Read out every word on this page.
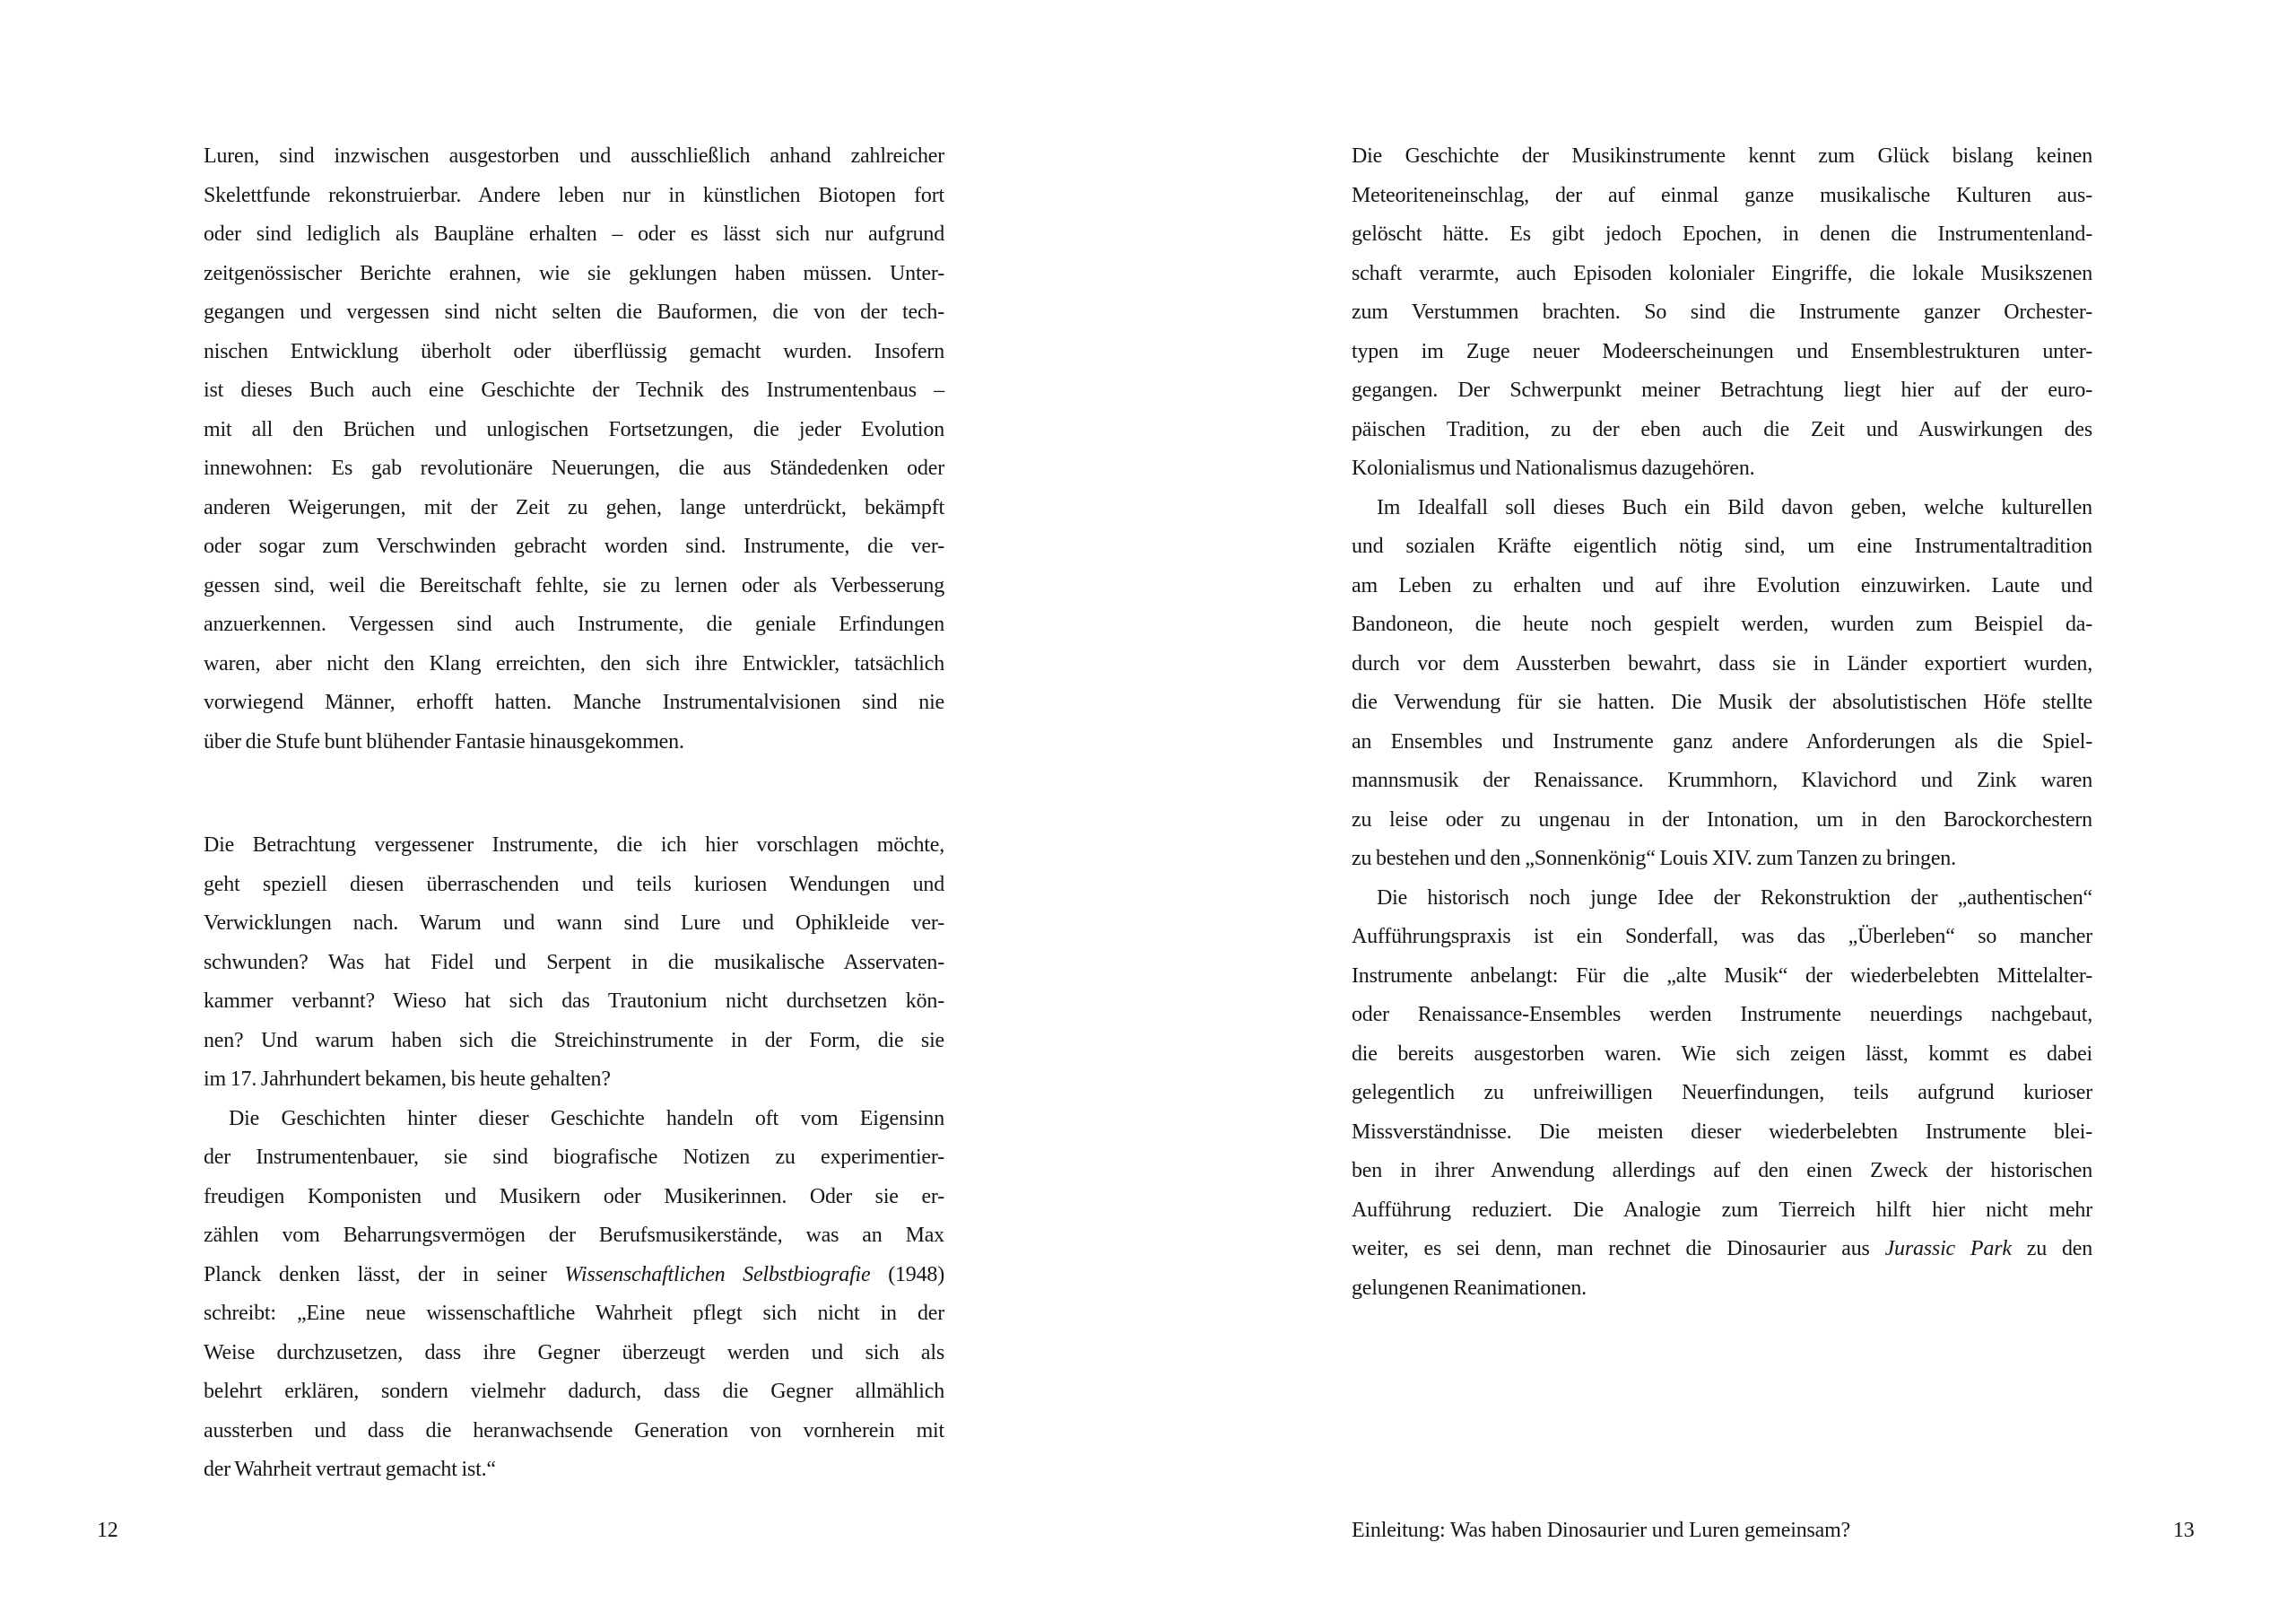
Luren, sind inzwischen ausgestorben und ausschließlich anhand zahlreicher
Skelettfunde rekonstruierbar. Andere leben nur in künstlichen Biotopen fort
oder sind lediglich als Baupläne erhalten – oder es lässt sich nur aufgrund
zeitgenössischer Berichte erahnen, wie sie geklungen haben müssen. Unter-
gegangen und vergessen sind nicht selten die Bauformen, die von der tech-
nischen Entwicklung überholt oder überflüssig gemacht wurden. Insofern
ist dieses Buch auch eine Geschichte der Technik des Instrumentenbaus –
mit all den Brüchen und unlogischen Fortsetzungen, die jeder Evolution
innewohnen: Es gab revolutionäre Neuerungen, die aus Ständedenken oder
anderen Weigerungen, mit der Zeit zu gehen, lange unterdrückt, bekämpft
oder sogar zum Verschwinden gebracht worden sind. Instrumente, die ver-
gessen sind, weil die Bereitschaft fehlte, sie zu lernen oder als Verbesserung
anzuerkennen. Vergessen sind auch Instrumente, die geniale Erfindungen
waren, aber nicht den Klang erreichten, den sich ihre Entwickler, tatsächlich
vorwiegend Männer, erhofft hatten. Manche Instrumentalvisionen sind nie
über die Stufe bunt blühender Fantasie hinausgekommen.
Die Betrachtung vergessener Instrumente, die ich hier vorschlagen möchte,
geht speziell diesen überraschenden und teils kuriosen Wendungen und
Verwicklungen nach. Warum und wann sind Lure und Ophikleide ver-
schwunden? Was hat Fidel und Serpent in die musikalische Asservaten-
kammer verbannt? Wieso hat sich das Trautonium nicht durchsetzen kön-
nen? Und warum haben sich die Streichinstrumente in der Form, die sie
im 17. Jahrhundert bekamen, bis heute gehalten?
Die Geschichten hinter dieser Geschichte handeln oft vom Eigensinn
der Instrumentenbauer, sie sind biografische Notizen zu experimentier-
freudigen Komponisten und Musikern oder Musikerinnen. Oder sie er-
zählen vom Beharrungsvermögen der Berufsmusikerstände, was an Max
Planck denken lässt, der in seiner Wissenschaftlichen Selbstbiografie (1948)
schreibt: „Eine neue wissenschaftliche Wahrheit pflegt sich nicht in der
Weise durchzusetzen, dass ihre Gegner überzeugt werden und sich als
belehrt erklären, sondern vielmehr dadurch, dass die Gegner allmählich
aussterben und dass die heranwachsende Generation von vornherein mit
der Wahrheit vertraut gemacht ist.“
12
Die Geschichte der Musikinstrumente kennt zum Glück bislang keinen
Meteoriteneinschlag, der auf einmal ganze musikalische Kulturen aus-
gelöscht hätte. Es gibt jedoch Epochen, in denen die Instrumentenland-
schaft verarmte, auch Episoden kolonialer Eingriffe, die lokale Musikszenen
zum Verstummen brachten. So sind die Instrumente ganzer Orchester-
typen im Zuge neuer Modeerscheinungen und Ensemblestrukturen unter-
gegangen. Der Schwerpunkt meiner Betrachtung liegt hier auf der euro-
päischen Tradition, zu der eben auch die Zeit und Auswirkungen des
Kolonialismus und Nationalismus dazugehören.
Im Idealfall soll dieses Buch ein Bild davon geben, welche kulturellen
und sozialen Kräfte eigentlich nötig sind, um eine Instrumentaltradition
am Leben zu erhalten und auf ihre Evolution einzuwirken. Laute und
Bandoneon, die heute noch gespielt werden, wurden zum Beispiel da-
durch vor dem Aussterben bewahrt, dass sie in Länder exportiert wurden,
die Verwendung für sie hatten. Die Musik der absolutistischen Höfe stellte
an Ensembles und Instrumente ganz andere Anforderungen als die Spiel-
mannsmusik der Renaissance. Krummhorn, Klavichord und Zink waren
zu leise oder zu ungenau in der Intonation, um in den Barockorchestern
zu bestehen und den „Sonnenkönig“ Louis XIV. zum Tanzen zu bringen.
Die historisch noch junge Idee der Rekonstruktion der „authentischen“
Aufführungspraxis ist ein Sonderfall, was das „Überleben“ so mancher
Instrumente anbelangt: Für die „alte Musik“ der wiederbelebten Mittelalter-
oder Renaissance-Ensembles werden Instrumente neuerdings nachgebaut,
die bereits ausgestorben waren. Wie sich zeigen lässt, kommt es dabei
gelegentlich zu unfreiwilligen Neuerfindungen, teils aufgrund kurioser
Missverständnisse. Die meisten dieser wiederbelebten Instrumente blei-
ben in ihrer Anwendung allerdings auf den einen Zweck der historischen
Aufführung reduziert. Die Analogie zum Tierreich hilft hier nicht mehr
weiter, es sei denn, man rechnet die Dinosaurier aus Jurassic Park zu den
gelungenen Reanimationen.
Einleitung: Was haben Dinosaurier und Luren gemeinsam?	13
